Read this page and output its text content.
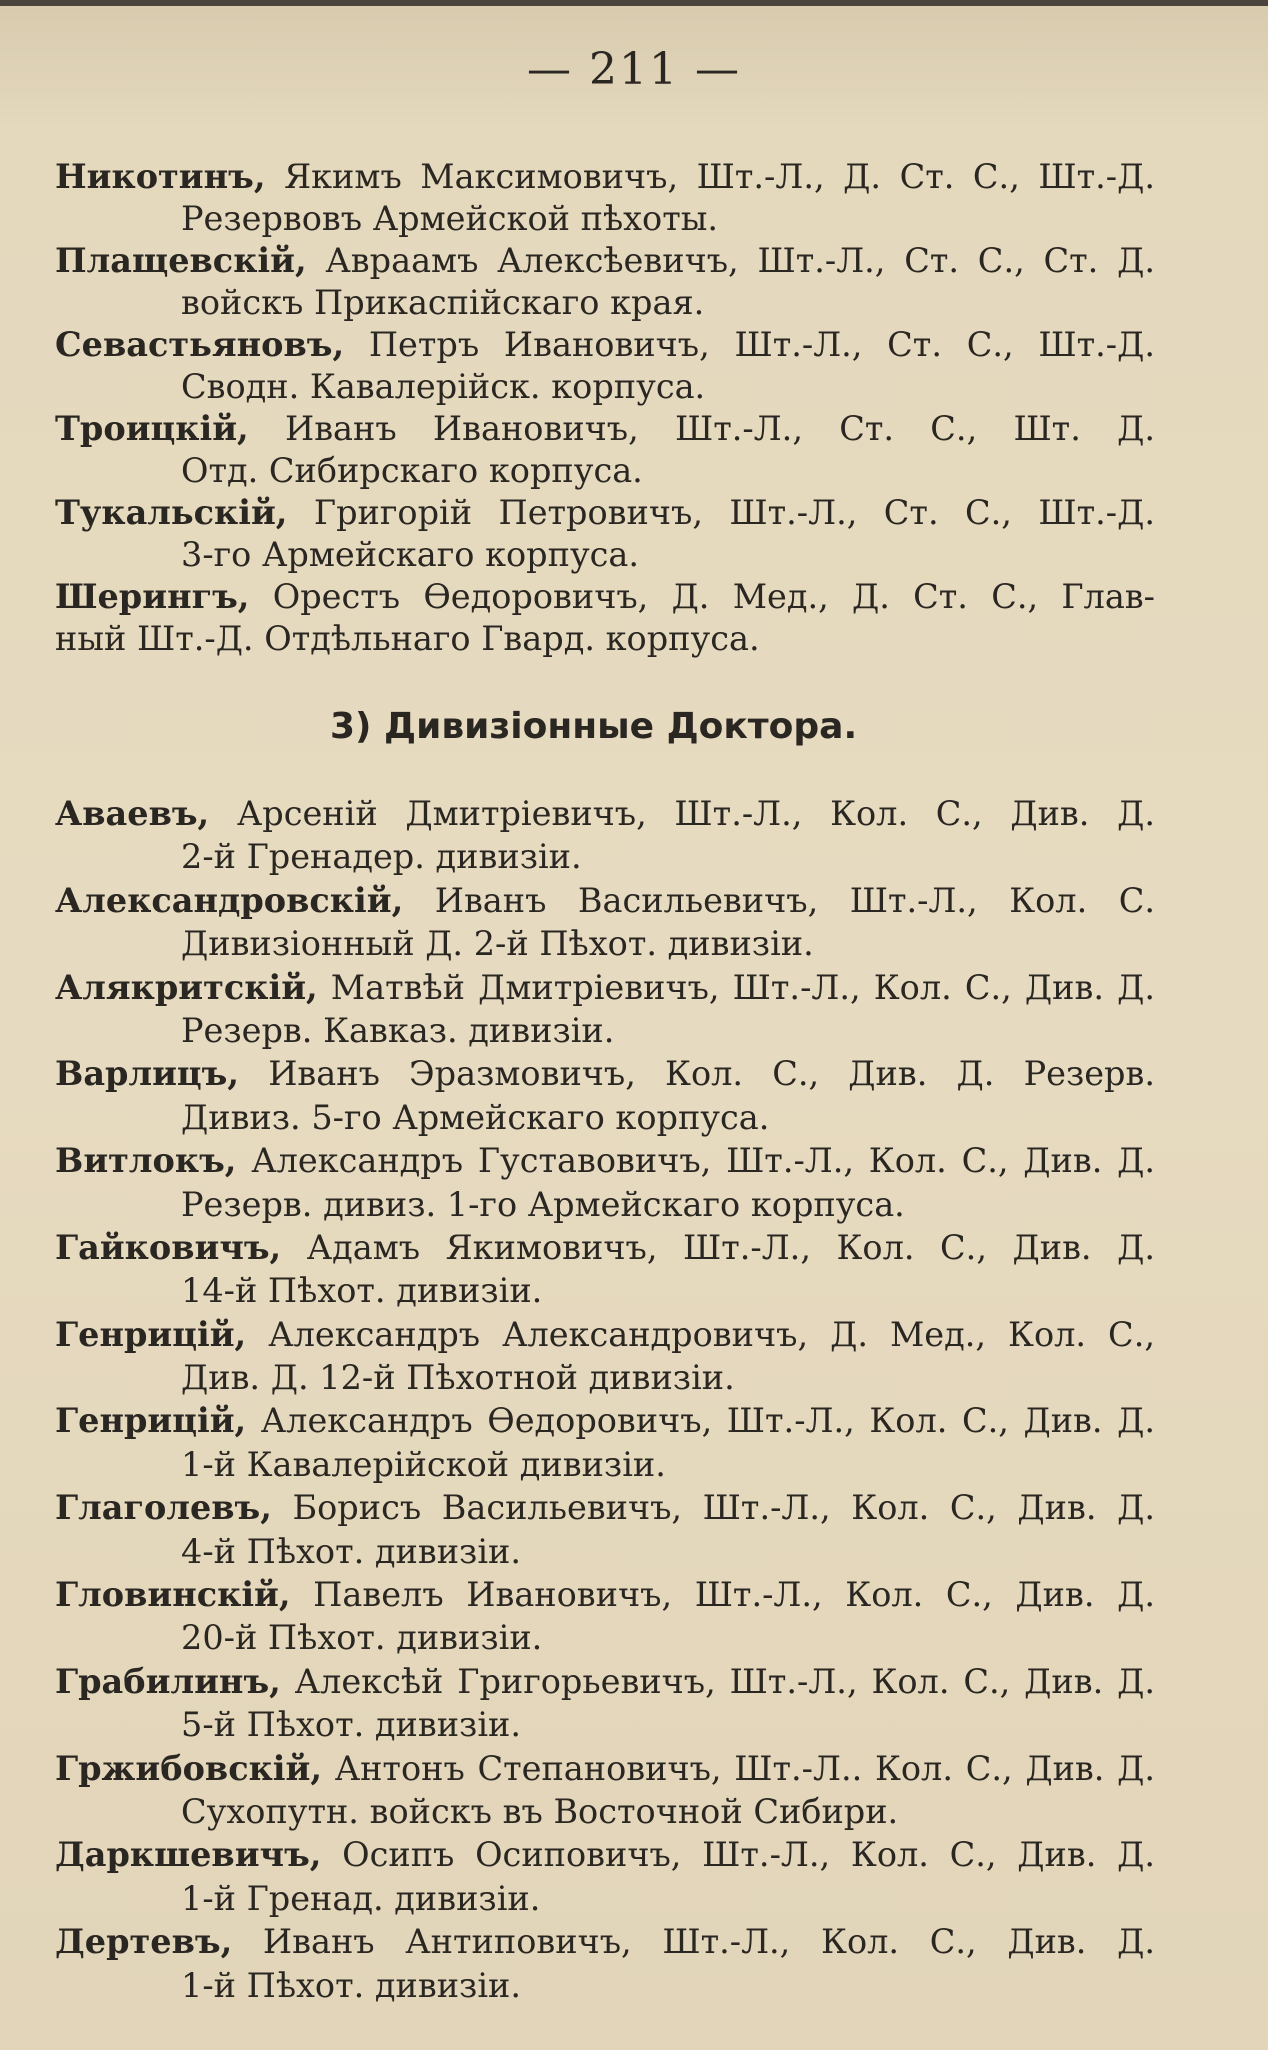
— 211 —
Никотинъ, Якимъ Максимовичъ, Шт.-Л., Д. Ст. С., Шт.-Д.
Резервовъ Армейской пѣхоты.
Плащевскій, Авраамъ Алексѣевичъ, Шт.-Л., Ст. С., Ст. Д.
войскъ Прикаспійскаго края.
Севастьяновъ, Петръ Ивановичъ, Шт.-Л., Ст. С., Шт.-Д.
Сводн. Кавалерійск. корпуса.
Троицкій, Иванъ Ивановичъ, Шт.-Л., Ст. С., Шт. Д.
Отд. Сибирскаго корпуса.
Тукальскій, Григорій Петровичъ, Шт.-Л., Ст. С., Шт.-Д.
3-го Армейскаго корпуса.
Шерингъ, Орестъ Ѳедоровичъ, Д. Мед., Д. Ст. С., Глав-
ный Шт.-Д. Отдѣльнаго Гвард. корпуса.
3) Дивизіонные Доктора.
Аваевъ, Арсеній Дмитріевичъ, Шт.-Л., Кол. С., Див. Д.
2-й Гренадер. дивизіи.
Александровскій, Иванъ Васильевичъ, Шт.-Л., Кол. С.
Дивизіонный Д. 2-й Пѣхот. дивизіи.
Алякритскій, Матвѣй Дмитріевичъ, Шт.-Л., Кол. С., Див. Д.
Резерв. Кавказ. дивизіи.
Варлицъ, Иванъ Эразмовичъ, Кол. С., Див. Д. Резерв.
Дивиз. 5-го Армейскаго корпуса.
Витлокъ, Александръ Густавовичъ, Шт.-Л., Кол. С., Див. Д.
Резерв. дивиз. 1-го Армейскаго корпуса.
Гайковичъ, Адамъ Якимовичъ, Шт.-Л., Кол. С., Див. Д.
14-й Пѣхот. дивизіи.
Генрицій, Александръ Александровичъ, Д. Мед., Кол. С.,
Див. Д. 12-й Пѣхотной дивизіи.
Генрицій, Александръ Ѳедоровичъ, Шт.-Л., Кол. С., Див. Д.
1-й Кавалерійской дивизіи.
Глаголевъ, Борисъ Васильевичъ, Шт.-Л., Кол. С., Див. Д.
4-й Пѣхот. дивизіи.
Гловинскій, Павелъ Ивановичъ, Шт.-Л., Кол. С., Див. Д.
20-й Пѣхот. дивизіи.
Грабилинъ, Алексѣй Григорьевичъ, Шт.-Л., Кол. С., Див. Д.
5-й Пѣхот. дивизіи.
Гржибовскій, Антонъ Степановичъ, Шт.-Л.. Кол. С., Див. Д.
Сухопутн. войскъ въ Восточной Сибири.
Даркшевичъ, Осипъ Осиповичъ, Шт.-Л., Кол. С., Див. Д.
1-й Гренад. дивизіи.
Дертевъ, Иванъ Антиповичъ, Шт.-Л., Кол. С., Див. Д.
1-й Пѣхот. дивизіи.
